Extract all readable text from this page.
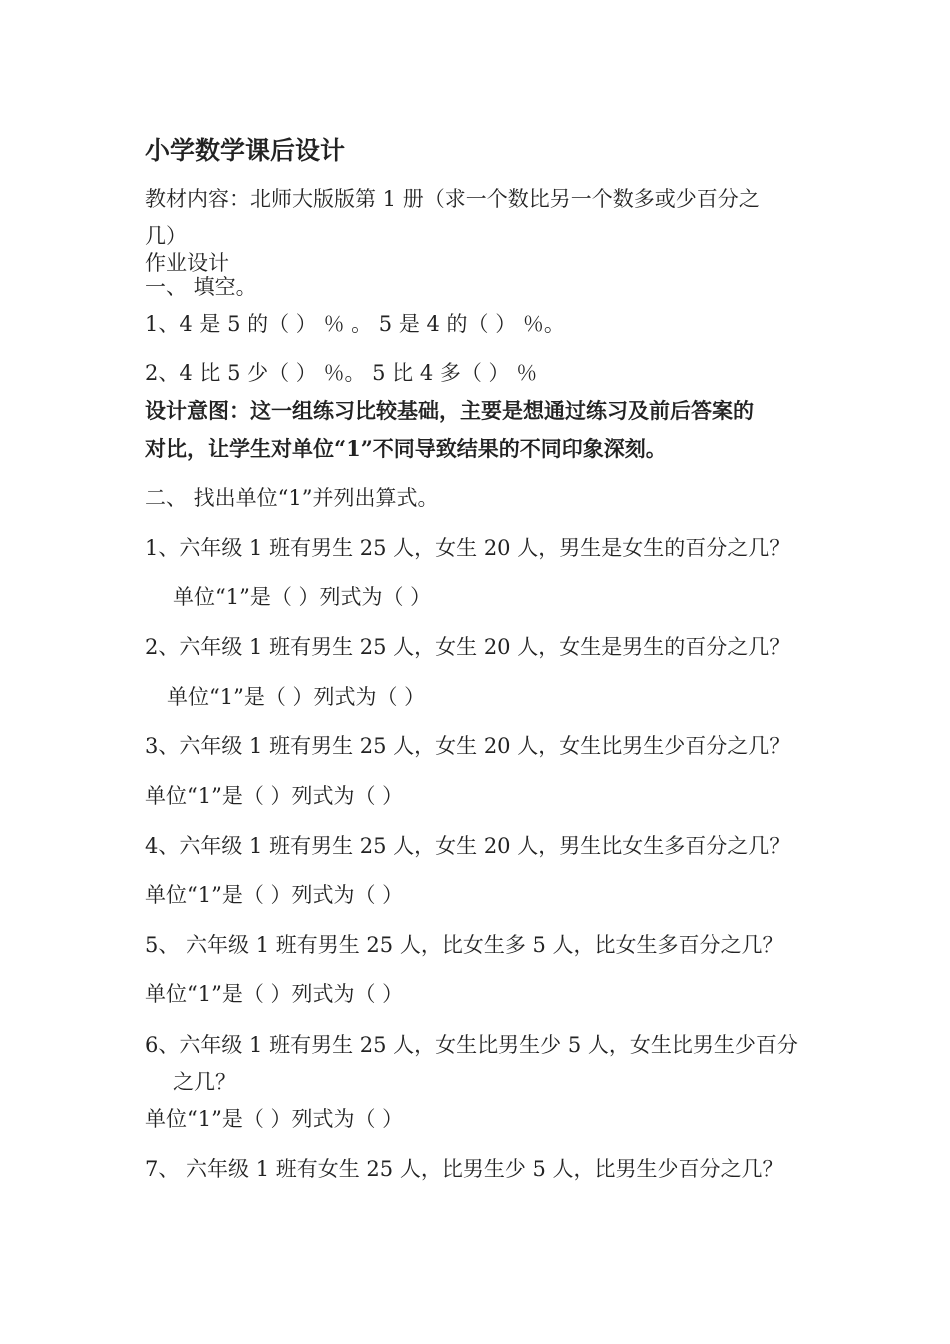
小学数学课后设计
教材内容：北师大版版第 1 册（求一个数比另一个数多或少百分之
几）
作业设计
一、 填空。
1、4 是 5 的（ ） ％ 。 5 是 4 的（ ） ％。
2、4 比 5 少（ ） ％。 5 比 4 多（ ） ％
设计意图：这一组练习比较基础，主要是想通过练习及前后答案的
对比，让学生对单位“1”不同导致结果的不同印象深刻。
二、 找出单位“1”并列出算式。
1、六年级 1 班有男生 25 人，女生 20 人，男生是女生的百分之几？
单位“1”是（ ）列式为（ ）
2、六年级 1 班有男生 25 人，女生 20 人，女生是男生的百分之几？
单位“1”是（ ）列式为（ ）
3、六年级 1 班有男生 25 人，女生 20 人，女生比男生少百分之几？
单位“1”是（ ）列式为（ ）
4、六年级 1 班有男生 25 人，女生 20 人，男生比女生多百分之几？
单位“1”是（ ）列式为（ ）
5、 六年级 1 班有男生 25 人，比女生多 5 人，比女生多百分之几？
单位“1”是（ ）列式为（ ）
6、六年级 1 班有男生 25 人，女生比男生少 5 人，女生比男生少百分
之几？
单位“1”是（ ）列式为（ ）
7、 六年级 1 班有女生 25 人，比男生少 5 人，比男生少百分之几？
